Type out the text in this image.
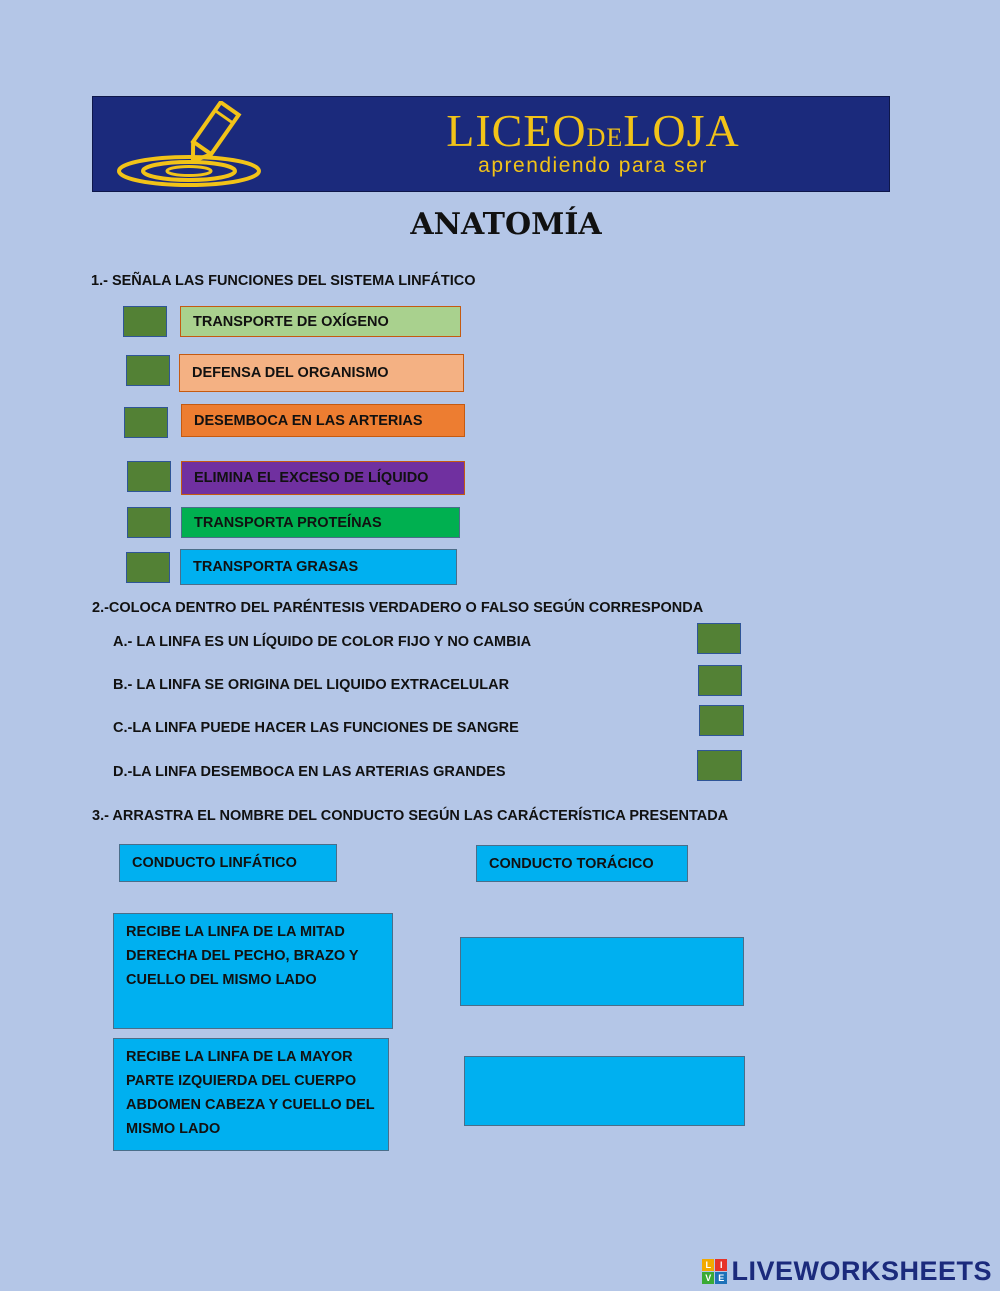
LICEODELOJA
aprendiendo para ser
ANATOMÍA
1.- SEÑALA LAS FUNCIONES DEL SISTEMA LINFÁTICO
TRANSPORTE DE OXÍGENO
DEFENSA DEL ORGANISMO
DESEMBOCA EN LAS ARTERIAS
ELIMINA EL EXCESO DE LÍQUIDO
TRANSPORTA PROTEÍNAS
TRANSPORTA GRASAS
2.-COLOCA DENTRO DEL PARÉNTESIS VERDADERO O FALSO SEGÚN CORRESPONDA
A.- LA LINFA ES UN LÍQUIDO DE COLOR FIJO Y NO CAMBIA
B.- LA LINFA SE ORIGINA DEL LIQUIDO EXTRACELULAR
C.-LA LINFA PUEDE HACER LAS FUNCIONES DE SANGRE
D.-LA LINFA DESEMBOCA EN LAS ARTERIAS GRANDES
3.- ARRASTRA EL NOMBRE DEL CONDUCTO SEGÚN LAS CARÁCTERÍSTICA PRESENTADA
CONDUCTO LINFÁTICO	CONDUCTO TORÁCICO
RECIBE LA LINFA DE LA MITAD DERECHA DEL PECHO, BRAZO Y CUELLO DEL MISMO LADO
RECIBE LA LINFA DE LA MAYOR PARTE IZQUIERDA DEL CUERPO ABDOMEN CABEZA Y CUELLO DEL MISMO LADO
L I
V E LIVEWORKSHEETS
